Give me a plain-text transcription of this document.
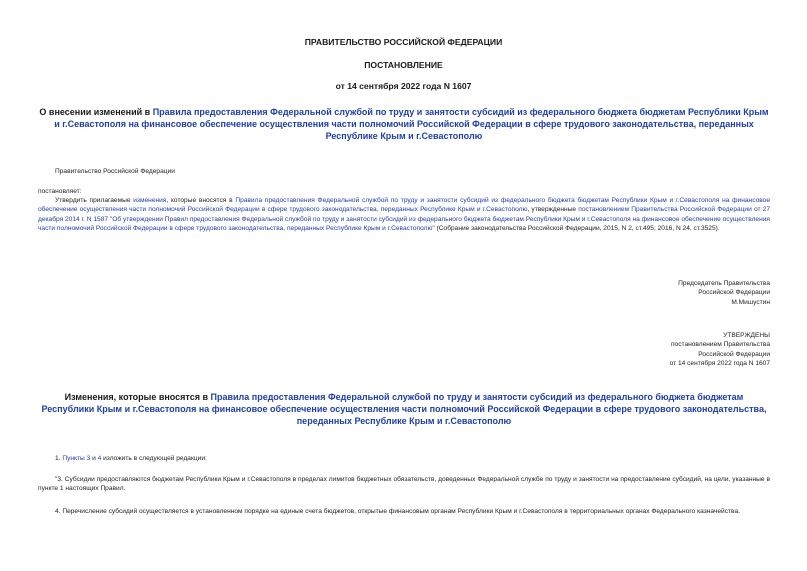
ПРАВИТЕЛЬСТВО РОССИЙСКОЙ ФЕДЕРАЦИИ
ПОСТАНОВЛЕНИЕ
от 14 сентября 2022 года N 1607
О внесении изменений в Правила предоставления Федеральной службой по труду и занятости субсидий из федерального бюджета бюджетам Республики Крым и г.Севастополя на финансовое обеспечение осуществления части полномочий Российской Федерации в сфере трудового законодательства, переданных Республике Крым и г.Севастополю
Правительство Российской Федерации
постановляет:
Утвердить прилагаемые изменения, которые вносятся в Правила предоставления Федеральной службой по труду и занятости субсидий из федерального бюджета бюджетам Республики Крым и г.Севастополя на финансовое обеспечение осуществления части полномочий Российской Федерации в сфере трудового законодательства, переданных Республике Крым и г.Севастополю, утвержденные постановлением Правительства Российской Федерации от 27 декабря 2014 г. N 1587 "Об утверждении Правил предоставления Федеральной службой по труду и занятости субсидий из федерального бюджета бюджетам Республики Крым и г.Севастополя на финансовое обеспечение осуществления части полномочий Российской Федерации в сфере трудового законодательства, переданных Республике Крым и г.Севастополю" (Собрание законодательства Российской Федерации, 2015, N 2, ст.495; 2016, N 24, ст.3525).
Председатель Правительства
Российской Федерации
М.Мишустин
УТВЕРЖДЕНЫ
постановлением Правительства
Российской Федерации
от 14 сентября 2022 года N 1607
Изменения, которые вносятся в Правила предоставления Федеральной службой по труду и занятости субсидий из федерального бюджета бюджетам Республики Крым и г.Севастополя на финансовое обеспечение осуществления части полномочий Российской Федерации в сфере трудового законодательства, переданных Республике Крым и г.Севастополю
1. Пункты 3 и 4 изложить в следующей редакции:
"3. Субсидии предоставляются бюджетам Республики Крым и г.Севастополя в пределах лимитов бюджетных обязательств, доведенных Федеральной службе по труду и занятости на предоставление субсидий, на цели, указанные в пункте 1 настоящих Правил.
4. Перечисление субсидий осуществляется в установленном порядке на единые счета бюджетов, открытые финансовым органам Республики Крым и г.Севастополя в территориальных органах Федерального казначейства.
